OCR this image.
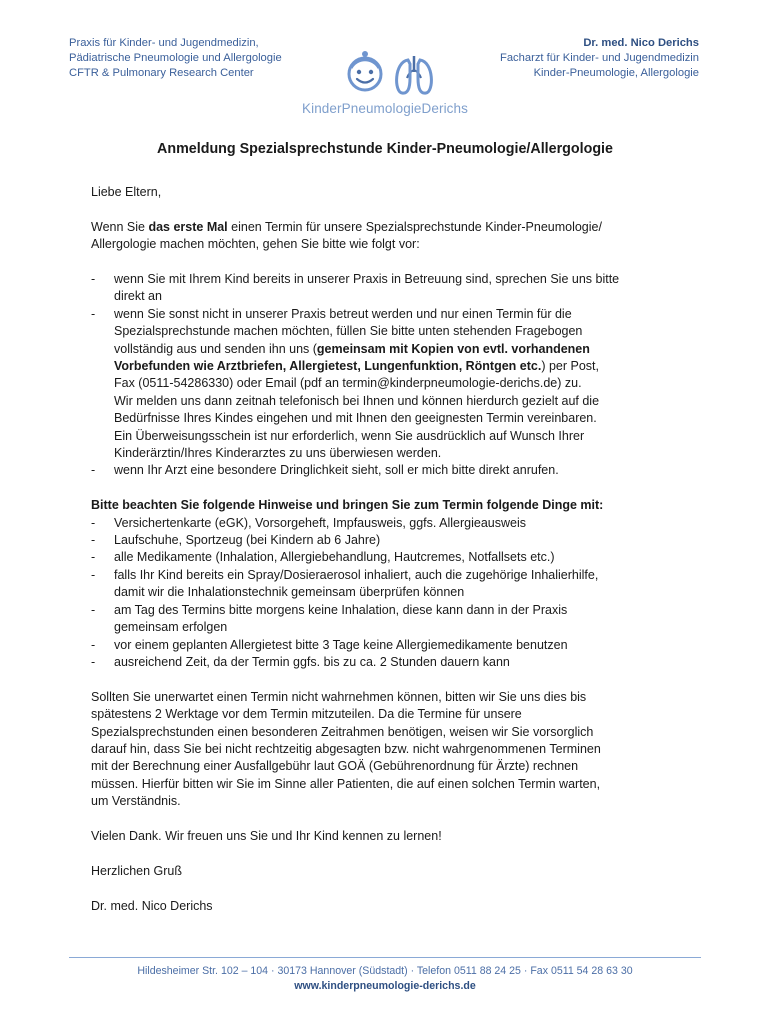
Praxis für Kinder- und Jugendmedizin,
Pädiatrische Pneumologie und Allergologie
CFTR & Pulmonary Research Center
KinderPneumologieDerichs
Dr. med. Nico Derichs
Facharzt für Kinder- und Jugendmedizin
Kinder-Pneumologie, Allergologie
Anmeldung Spezialsprechstunde Kinder-Pneumologie/Allergologie

Liebe Eltern,

Wenn Sie das erste Mal einen Termin für unsere Spezialsprechstunde Kinder-Pneumologie/
Allergologie machen möchten, gehen Sie bitte wie folgt vor:

- wenn Sie mit Ihrem Kind bereits in unserer Praxis in Betreuung sind, sprechen Sie uns bitte
direkt an
- wenn Sie sonst nicht in unserer Praxis betreut werden und nur einen Termin für die
Spezialsprechstunde machen möchten, füllen Sie bitte unten stehenden Fragebogen
vollständig aus und senden ihn uns (gemeinsam mit Kopien von evtl. vorhandenen
Vorbefunden wie Arztbriefen, Allergietest, Lungenfunktion, Röntgen etc.) per Post,
Fax (0511-54286330) oder Email (pdf an termin@kinderpneumologie-derichs.de) zu.
Wir melden uns dann zeitnah telefonisch bei Ihnen und können hierdurch gezielt auf die
Bedürfnisse Ihres Kindes eingehen und mit Ihnen den geeignesten Termin vereinbaren.
Ein Überweisungsschein ist nur erforderlich, wenn Sie ausdrücklich auf Wunsch Ihrer
Kinderärztin/Ihres Kinderarztes zu uns überwiesen werden.
- wenn Ihr Arzt eine besondere Dringlichkeit sieht, soll er mich bitte direkt anrufen.

Bitte beachten Sie folgende Hinweise und bringen Sie zum Termin folgende Dinge mit:

- Versichertenkarte (eGK), Vorsorgeheft, Impfausweis, ggfs. Allergieausweis
- Laufschuhe, Sportzeug (bei Kindern ab 6 Jahre)
- alle Medikamente (Inhalation, Allergiebehandlung, Hautcremes, Notfallsets etc.)
- falls Ihr Kind bereits ein Spray/Dosieraerosol inhaliert, auch die zugehörige Inhalierhilfe,
damit wir die Inhalationstechnik gemeinsam überprüfen können
- am Tag des Termins bitte morgens keine Inhalation, diese kann dann in der Praxis
gemeinsam erfolgen
- vor einem geplanten Allergietest bitte 3 Tage keine Allergiemedikamente benutzen
- ausreichend Zeit, da der Termin ggfs. bis zu ca. 2 Stunden dauern kann

Sollten Sie unerwartet einen Termin nicht wahrnehmen können, bitten wir Sie uns dies bis
spätestens 2 Werktage vor dem Termin mitzuteilen. Da die Termine für unsere
Spezialsprechstunden einen besonderen Zeitrahmen benötigen, weisen wir Sie vorsorglich
darauf hin, dass Sie bei nicht rechtzeitig abgesagten bzw. nicht wahrgenommenen Terminen
mit der Berechnung einer Ausfallgebühr laut GOÄ (Gebührenordnung für Ärzte) rechnen
müssen. Hierfür bitten wir Sie im Sinne aller Patienten, die auf einen solchen Termin warten,
um Verständnis.

Vielen Dank. Wir freuen uns Sie und Ihr Kind kennen zu lernen!

Herzlichen Gruß

Dr. med. Nico Derichs

Hildesheimer Str. 102 – 104 · 30173 Hannover (Südstadt) · Telefon 0511 88 24 25 · Fax 0511 54 28 63 30
www.kinderpneumologie-derichs.de
